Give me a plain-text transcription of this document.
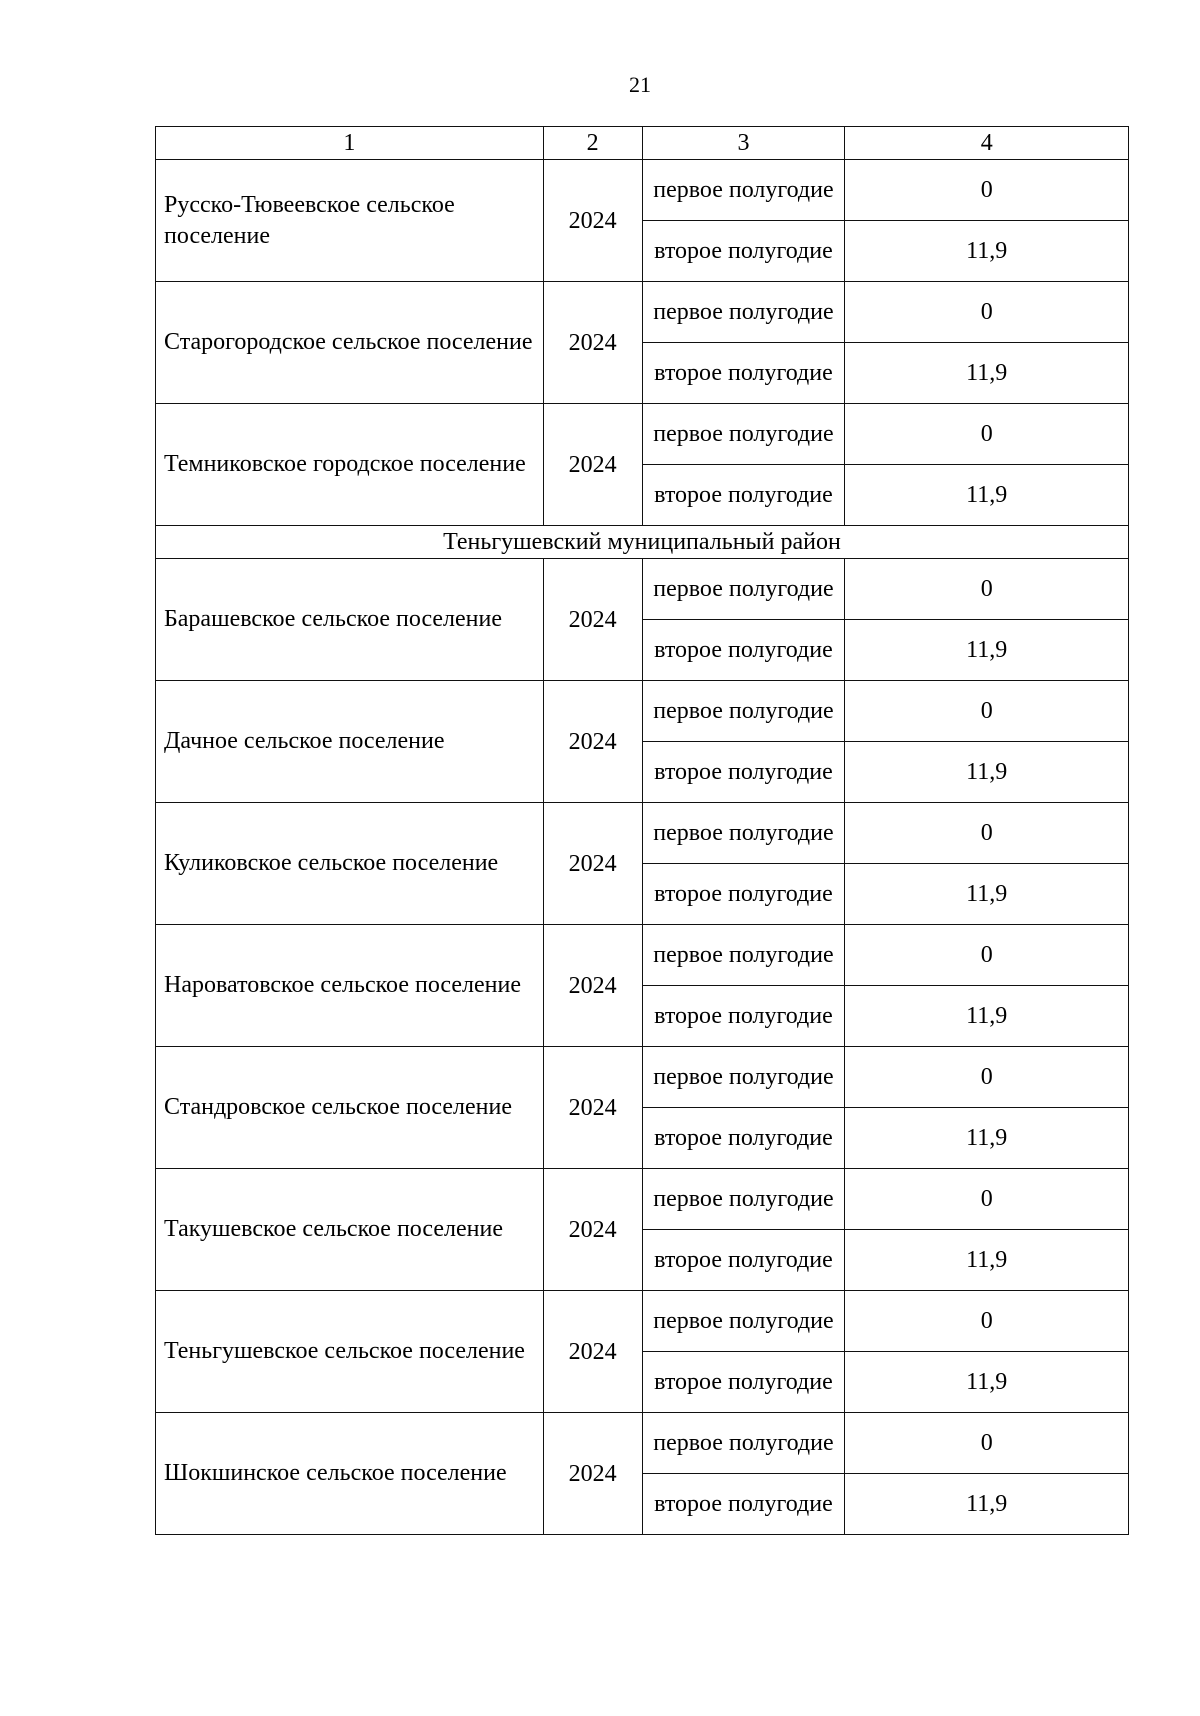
21
1	2	3	4
Русско-Тювеевское сельское поселение	2024	первое полугодие	0
		второе полугодие	11,9
Старогородское сельское поселение	2024	первое полугодие	0
		второе полугодие	11,9
Темниковское городское поселение	2024	первое полугодие	0
		второе полугодие	11,9
Теньгушевский муниципальный район			
Барашевское сельское поселение	2024	первое полугодие	0
		второе полугодие	11,9
Дачное сельское поселение	2024	первое полугодие	0
		второе полугодие	11,9
Куликовское сельское поселение	2024	первое полугодие	0
		второе полугодие	11,9
Нароватовское сельское поселение	2024	первое полугодие	0
		второе полугодие	11,9
Стандровское сельское поселение	2024	первое полугодие	0
		второе полугодие	11,9
Такушевское сельское поселение	2024	первое полугодие	0
		второе полугодие	11,9
Теньгушевское сельское поселение	2024	первое полугодие	0
		второе полугодие	11,9
Шокшинское сельское поселение	2024	первое полугодие	0
		второе полугодие	11,9
